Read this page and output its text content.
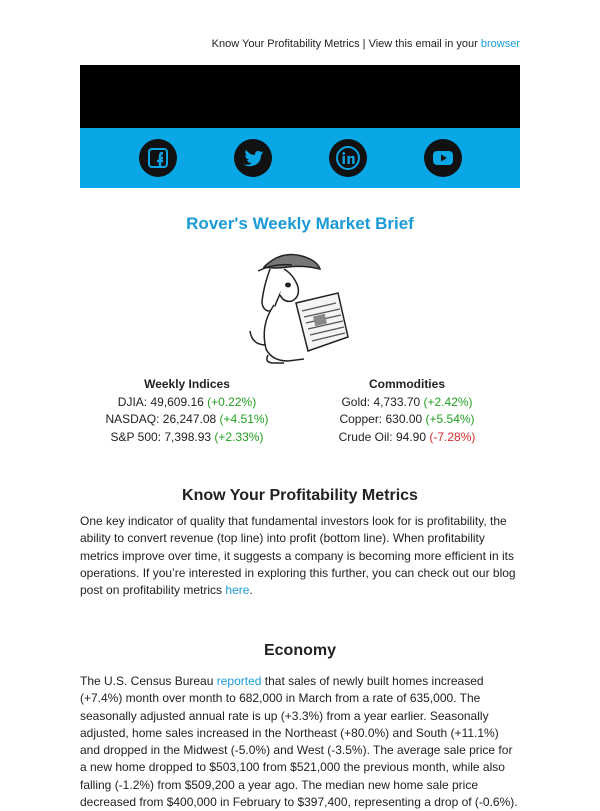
Know Your Profitability Metrics | View this email in your browser
Rover's Weekly Market Brief
Weekly Indices
DJIA: 49,609.16 (+0.22%)
NASDAQ: 26,247.08 (+4.51%)
S&P 500: 7,398.93 (+2.33%)
Commodities
Gold: 4,733.70 (+2.42%)
Copper: 630.00 (+5.54%)
Crude Oil: 94.90 (-7.28%)
Know Your Profitability Metrics
One key indicator of quality that fundamental investors look for is profitability, the ability to convert revenue (top line) into profit (bottom line). When profitability metrics improve over time, it suggests a company is becoming more efficient in its operations. If you’re interested in exploring this further, you can check out our blog post on profitability metrics here.
Economy
The U.S. Census Bureau reported that sales of newly built homes increased (+7.4%) month over month to 682,000 in March from a rate of 635,000. The seasonally adjusted annual rate is up (+3.3%) from a year earlier. Seasonally adjusted, home sales increased in the Northeast (+80.0%) and South (+11.1%) and dropped in the Midwest (-5.0%) and West (-3.5%). The average sale price for a new home dropped to $503,100 from $521,000 the previous month, while also falling (-1.2%) from $509,200 a year ago. The median new home sale price decreased from $400,000 in February to $397,400, representing a drop of (-0.6%).
